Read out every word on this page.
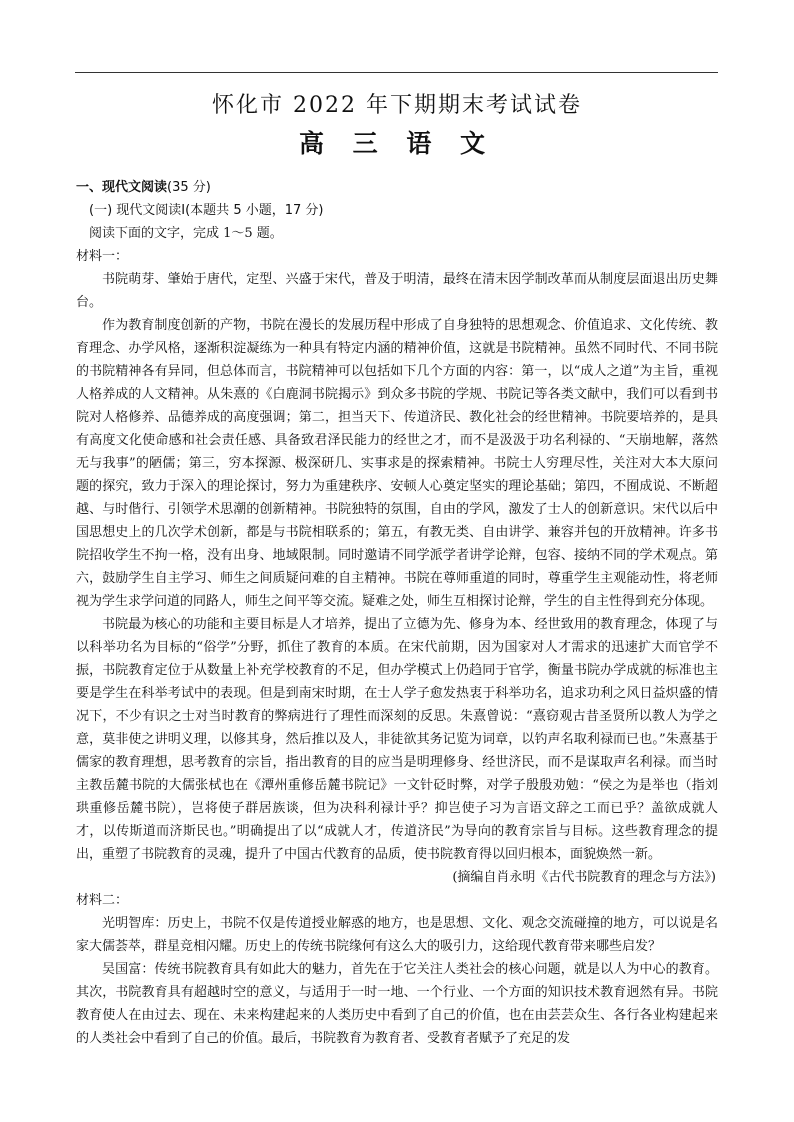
怀化市 2022 年下期期末考试试卷
高 三 语 文

一、现代文阅读(35 分)

(一) 现代文阅读Ⅰ(本题共 5 小题，17 分)

阅读下面的文字，完成 1～5 题。

材料一：

书院萌芽、肇始于唐代，定型、兴盛于宋代，普及于明清，最终在清末因学制改革而从制度层面退出历史舞台。

作为教育制度创新的产物，书院在漫长的发展历程中形成了自身独特的思想观念、价值追求、文化传统、教育理念、办学风格，逐渐积淀凝练为一种具有特定内涵的精神价值，这就是书院精神。虽然不同时代、不同书院的书院精神各有异同，但总体而言，书院精神可以包括如下几个方面的内容：第一，以“成人之道”为主旨，重视人格养成的人文精神。从朱熹的《白鹿洞书院揭示》到众多书院的学规、书院记等各类文献中，我们可以看到书院对人格修养、品德养成的高度强调；第二，担当天下、传道济民、教化社会的经世精神。书院要培养的，是具有高度文化使命感和社会责任感、具备致君泽民能力的经世之才，而不是汲汲于功名利禄的、“天崩地解，落然无与我事”的陋儒；第三，穷本探源、极深研几、实事求是的探索精神。书院士人穷理尽性，关注对大本大原问题的探究，致力于深入的理论探讨，努力为重建秩序、安顿人心奠定坚实的理论基础；第四，不囿成说、不断超越、与时偕行、引领学术思潮的创新精神。书院独特的氛围，自由的学风，激发了士人的创新意识。宋代以后中国思想史上的几次学术创新，都是与书院相联系的；第五，有教无类、自由讲学、兼容并包的开放精神。许多书院招收学生不拘一格，没有出身、地域限制。同时邀请不同学派学者讲学论辩，包容、接纳不同的学术观点。第六，鼓励学生自主学习、师生之间质疑问难的自主精神。书院在尊师重道的同时，尊重学生主观能动性，将老师视为学生求学问道的同路人，师生之间平等交流。疑难之处，师生互相探讨论辩，学生的自主性得到充分体现。

书院最为核心的功能和主要目标是人才培养，提出了立德为先、修身为本、经世致用的教育理念，体现了与以科举功名为目标的“俗学”分野，抓住了教育的本质。在宋代前期，因为国家对人才需求的迅速扩大而官学不振，书院教育定位于从数量上补充学校教育的不足，但办学模式上仍趋同于官学，衡量书院办学成就的标准也主要是学生在科举考试中的表现。但是到南宋时期，在士人学子愈发热衷于科举功名，追求功利之风日益炽盛的情况下，不少有识之士对当时教育的弊病进行了理性而深刻的反思。朱熹曾说：“熹窃观古昔圣贤所以教人为学之意，莫非使之讲明义理，以修其身，然后推以及人，非徒欲其务记览为词章，以钓声名取利禄而已也。”朱熹基于儒家的教育理想，思考教育的宗旨，指出教育的目的应当是明理修身、经世济民，而不是谋取声名利禄。而当时主教岳麓书院的大儒张栻也在《潭州重修岳麓书院记》一文针砭时弊，对学子殷殷劝勉：“侯之为是举也（指刘珙重修岳麓书院），岂将使子群居族谈，但为决科利禄计乎？抑岂使子习为言语文辞之工而已乎？盖欲成就人才，以传斯道而济斯民也。”明确提出了以“成就人才，传道济民”为导向的教育宗旨与目标。这些教育理念的提出，重塑了书院教育的灵魂，提升了中国古代教育的品质，使书院教育得以回归根本，面貌焕然一新。

(摘编自肖永明《古代书院教育的理念与方法》)

材料二：

光明智库：历史上，书院不仅是传道授业解惑的地方，也是思想、文化、观念交流碰撞的地方，可以说是名家大儒荟萃，群星竞相闪耀。历史上的传统书院缘何有这么大的吸引力，这给现代教育带来哪些启发？

吴国富：传统书院教育具有如此大的魅力，首先在于它关注人类社会的核心问题，就是以人为中心的教育。其次，书院教育具有超越时空的意义，与适用于一时一地、一个行业、一个方面的知识技术教育迥然有异。书院教育使人在由过去、现在、未来构建起来的人类历史中看到了自己的价值，也在由芸芸众生、各行各业构建起来的人类社会中看到了自己的价值。最后，书院教育为教育者、受教育者赋予了充足的发
